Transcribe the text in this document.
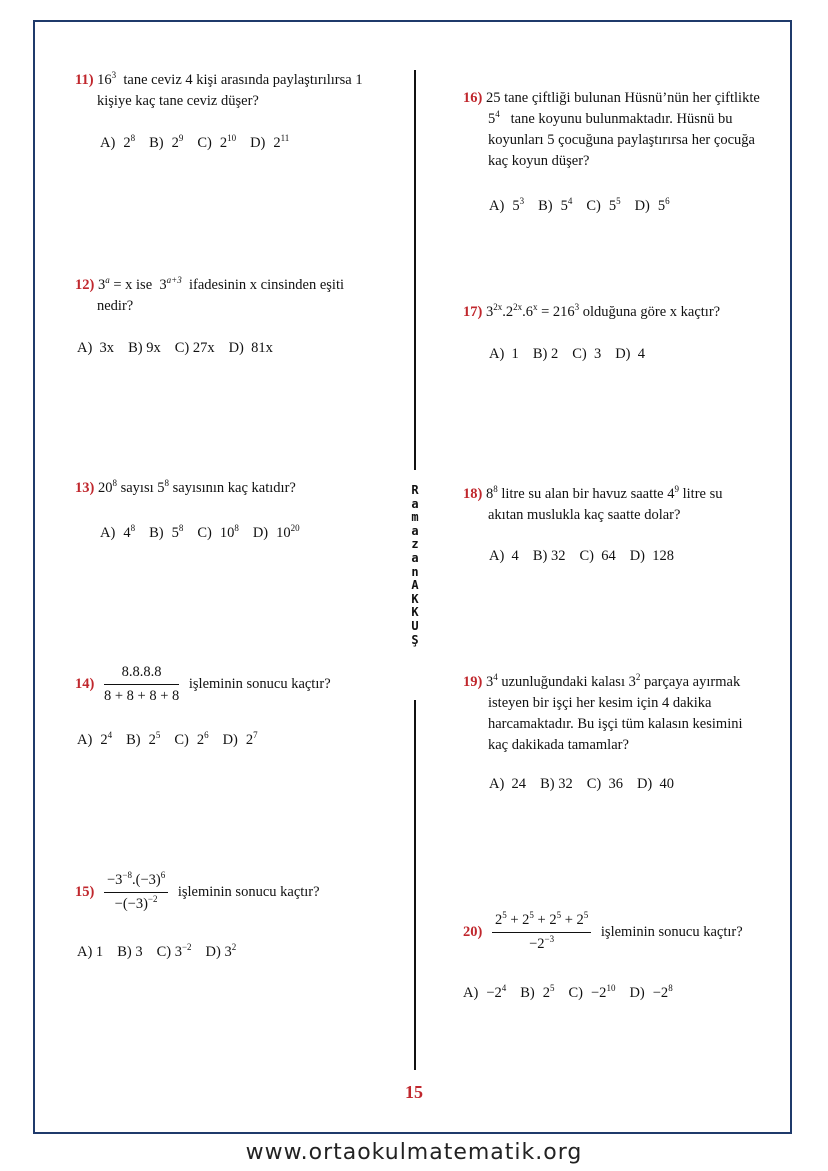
R
a
m
a
z
a
n
A
K
K
U
Ş
11) $16^3$ tane ceviz 4 kişi arasında paylaştırılırsa 1
kişiye kaç tane ceviz düşer?
A) $2^8$ B) $2^9$ C) $2^{10}$ D) $2^{11}$
12) $3^a = x$ ise $3^{a+3}$ ifadesinin x cinsinden eşiti
nedir?
A)  3x B) 9x C) 27x D)  81x
13) $20^8$ sayısı $5^8$ sayısının kaç katıdır?
A) $4^8$ B) $5^8$ C) $10^8$ D) $10^{20}$
$14) \frac{8.8.8.8}{8 + 8 + 8 + 8}$ işleminin sonucu kaçtır?
A) $2^4$ B) $2^5$ C) $2^6$ D) $2^7$
$15) \frac{-3^{-8}.(-3)^6}{-(-3)^{-2}}$ işleminin sonucu kaçtır?
A) 1 B) 3 C) $3^{-2}$ D) $3^2$
16) 25 tane çiftliği bulunan Hüsnü’nün her çiftlikte
$5^4$ tane koyunu bulunmaktadır. Hüsnü bu
koyunları 5 çocuğuna paylaştırırsa her çocuğa
kaç koyun düşer?
A) $5^3$ B) $5^4$ C) $5^5$ D) $5^6$
17) $3^{2x}.2^{2x}.6^x = 216^3$ olduğuna göre x kaçtır?
A)  1 B) 2 C)  3 D)  4
18) $8^8$ litre su alan bir havuz saatte $4^9$ litre su
akıtan muslukla kaç saatte dolar?
A)  4 B) 32 C)  64 D)  128
19) $3^4$ uzunluğundaki kalası $3^2$ parçaya ayırmak
isteyen bir işçi her kesim için 4 dakika
harcamaktadır. Bu işçi tüm kalasın kesimini
kaç dakikada tamamlar?
A)  24 B) 32 C)  36 D)  40
$20) \frac{2^5 + 2^5 + 2^5 + 2^5}{-2^{-3}}$ işleminin sonucu kaçtır?
$A) -2^4$ B) $2^5$ $C) -2^{10}$ $D) -2^8$
15
www.ortaokulmatematik.org
